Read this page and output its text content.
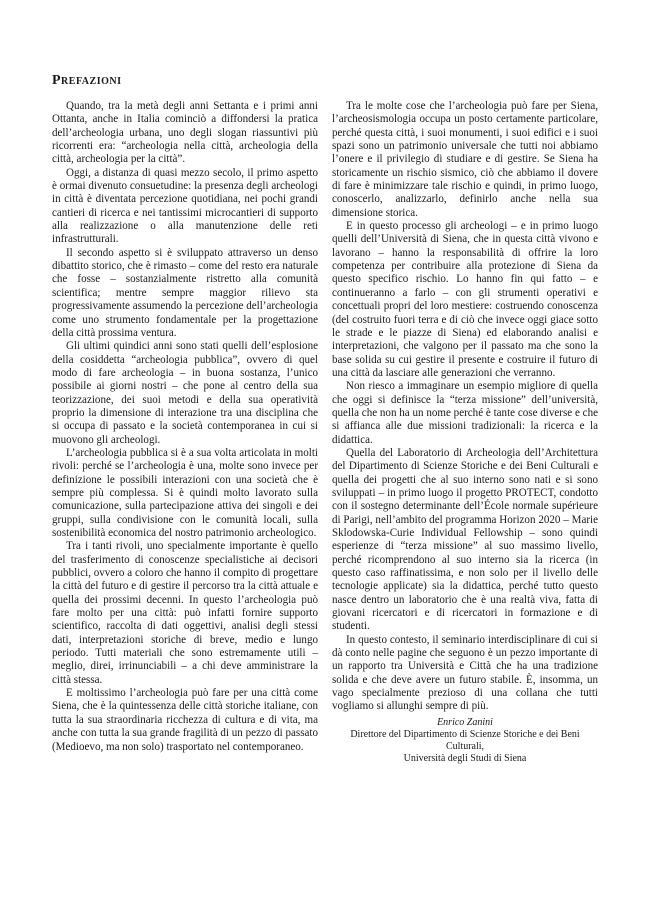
Prefazioni

Quando, tra la metà degli anni Settanta e i primi anni Ottanta, anche in Italia cominciò a diffondersi la pratica dell’archeologia urbana, uno degli slogan riassuntivi più ricorrenti era: “archeologia nella città, archeologia della città, archeologia per la città”.

Oggi, a distanza di quasi mezzo secolo, il primo aspetto è ormai divenuto consuetudine: la presenza degli archeologi in città è diventata percezione quotidiana, nei pochi grandi cantieri di ricerca e nei tantissimi microcantieri di supporto alla realizzazione o alla manutenzione delle reti infrastrutturali.

Il secondo aspetto si è sviluppato attraverso un denso dibattito storico, che è rimasto – come del resto era naturale che fosse – sostanzialmente ristretto alla comunità scientifica; mentre sempre maggior rilievo sta progressivamente assumendo la percezione dell’archeologia come uno strumento fondamentale per la progettazione della città prossima ventura.

Gli ultimi quindici anni sono stati quelli dell’esplosione della cosiddetta “archeologia pubblica”, ovvero di quel modo di fare archeologia – in buona sostanza, l’unico possibile ai giorni nostri – che pone al centro della sua teorizzazione, dei suoi metodi e della sua operatività proprio la dimensione di interazione tra una disciplina che si occupa di passato e la società contemporanea in cui si muovono gli archeologi.

L’archeologia pubblica si è a sua volta articolata in molti rivoli: perché se l’archeologia è una, molte sono invece per definizione le possibili interazioni con una società che è sempre più complessa. Si è quindi molto lavorato sulla comunicazione, sulla partecipazione attiva dei singoli e dei gruppi, sulla condivisione con le comunità locali, sulla sostenibilità economica del nostro patrimonio archeologico.

Tra i tanti rivoli, uno specialmente importante è quello del trasferimento di conoscenze specialistiche ai decisori pubblici, ovvero a coloro che hanno il compito di progettare la città del futuro e di gestire il percorso tra la città attuale e quella dei prossimi decenni. In questo l’archeologia può fare molto per una città: può infatti fornire supporto scientifico, raccolta di dati oggettivi, analisi degli stessi dati, interpretazioni storiche di breve, medio e lungo periodo. Tutti materiali che sono estremamente utili – meglio, direi, irrinunciabili – a chi deve amministrare la città stessa.

E moltissimo l’archeologia può fare per una città come Siena, che è la quintessenza delle città storiche italiane, con tutta la sua straordinaria ricchezza di cultura e di vita, ma anche con tutta la sua grande fragilità di un pezzo di passato (Medioevo, ma non solo) trasportato nel contemporaneo.

Tra le molte cose che l’archeologia può fare per Siena, l’archeosismologia occupa un posto certamente particolare, perché questa città, i suoi monumenti, i suoi edifici e i suoi spazi sono un patrimonio universale che tutti noi abbiamo l’onere e il privilegio di studiare e di gestire. Se Siena ha storicamente un rischio sismico, ciò che abbiamo il dovere di fare è minimizzare tale rischio e quindi, in primo luogo, conoscerlo, analizzarlo, definirlo anche nella sua dimensione storica.

E in questo processo gli archeologi – e in primo luogo quelli dell’Università di Siena, che in questa città vivono e lavorano – hanno la responsabilità di offrire la loro competenza per contribuire alla protezione di Siena da questo specifico rischio. Lo hanno fin qui fatto – e continueranno a farlo – con gli strumenti operativi e concettuali propri del loro mestiere: costruendo conoscenza (del costruito fuori terra e di ciò che invece oggi giace sotto le strade e le piazze di Siena) ed elaborando analisi e interpretazioni, che valgono per il passato ma che sono la base solida su cui gestire il presente e costruire il futuro di una città da lasciare alle generazioni che verranno.

Non riesco a immaginare un esempio migliore di quella che oggi si definisce la “terza missione” dell’università, quella che non ha un nome perché è tante cose diverse e che si affianca alle due missioni tradizionali: la ricerca e la didattica.

Quella del Laboratorio di Archeologia dell’Architettura del Dipartimento di Scienze Storiche e dei Beni Culturali e quella dei progetti che al suo interno sono nati e si sono sviluppati – in primo luogo il progetto PROTECT, condotto con il sostegno determinante dell’École normale supérieure di Parigi, nell’ambito del programma Horizon 2020 – Marie Sklodowska-Curie Individual Fellowship – sono quindi esperienze di “terza missione” al suo massimo livello, perché ricomprendono al suo interno sia la ricerca (in questo caso raffinatissima, e non solo per il livello delle tecnologie applicate) sia la didattica, perché tutto questo nasce dentro un laboratorio che è una realtà viva, fatta di giovani ricercatori e di ricercatori in formazione e di studenti.

In questo contesto, il seminario interdisciplinare di cui si dà conto nelle pagine che seguono è un pezzo importante di un rapporto tra Università e Città che ha una tradizione solida e che deve avere un futuro stabile. È, insomma, un vago specialmente prezioso di una collana che tutti vogliamo si allunghi sempre di più.

Enrico Zanini
Direttore del Dipartimento di Scienze Storiche e dei Beni Culturali,
Università degli Studi di Siena
